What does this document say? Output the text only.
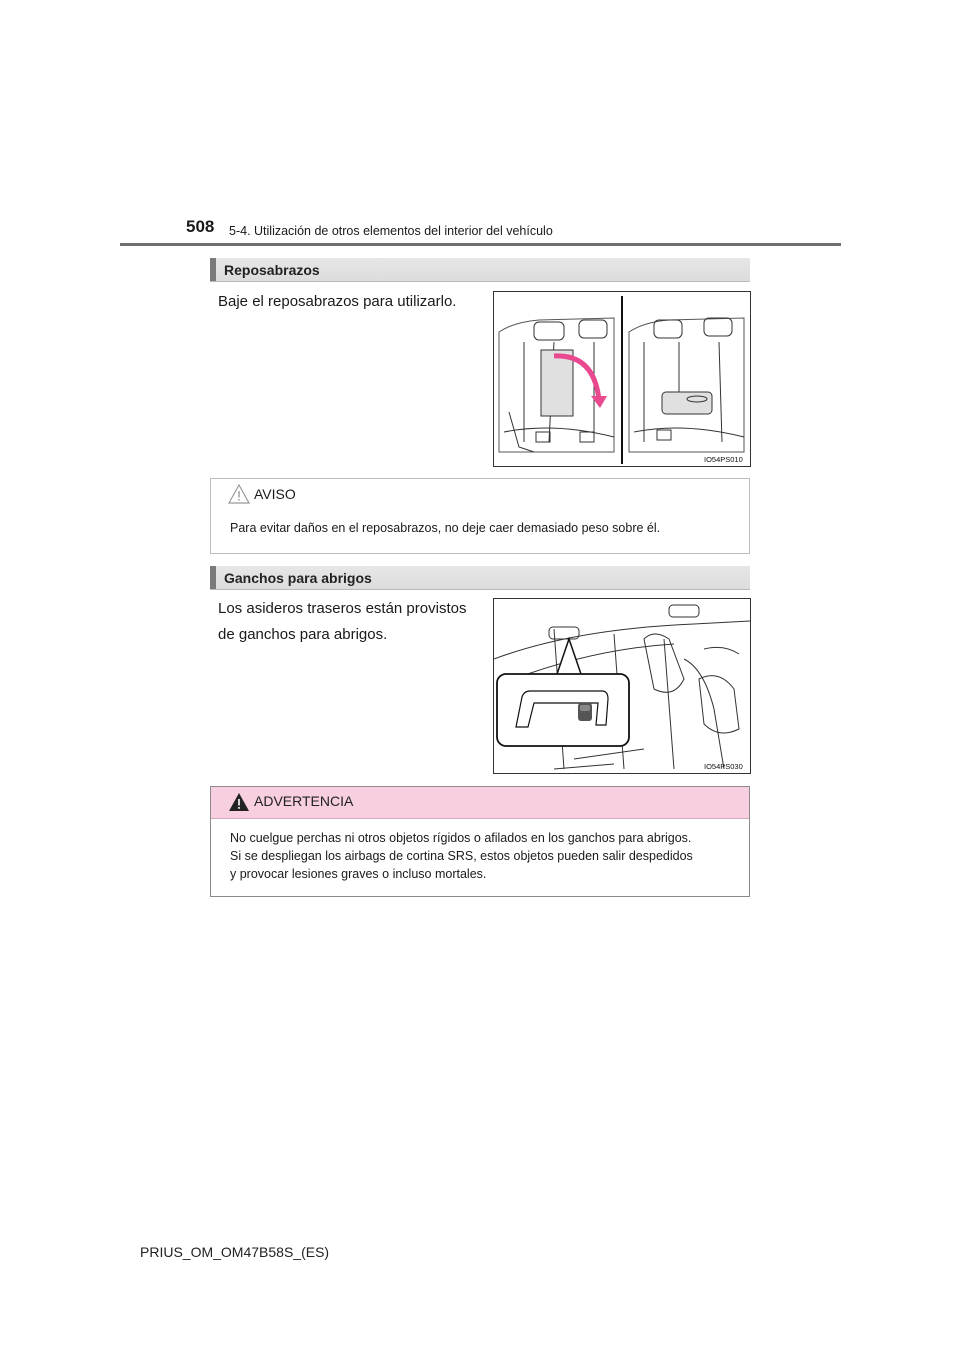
508 5-4. Utilización de otros elementos del interior del vehículo
Reposabrazos
Baje el reposabrazos para utilizarlo.
IO54PS010
AVISO
Para evitar daños en el reposabrazos, no deje caer demasiado peso sobre él.
Ganchos para abrigos
Los asideros traseros están provistos
de ganchos para abrigos.
IO54PS030
ADVERTENCIA
No cuelgue perchas ni otros objetos rígidos o afilados en los ganchos para abrigos.
Si se despliegan los airbags de cortina SRS, estos objetos pueden salir despedidos
y provocar lesiones graves o incluso mortales.
PRIUS_OM_OM47B58S_(ES)
